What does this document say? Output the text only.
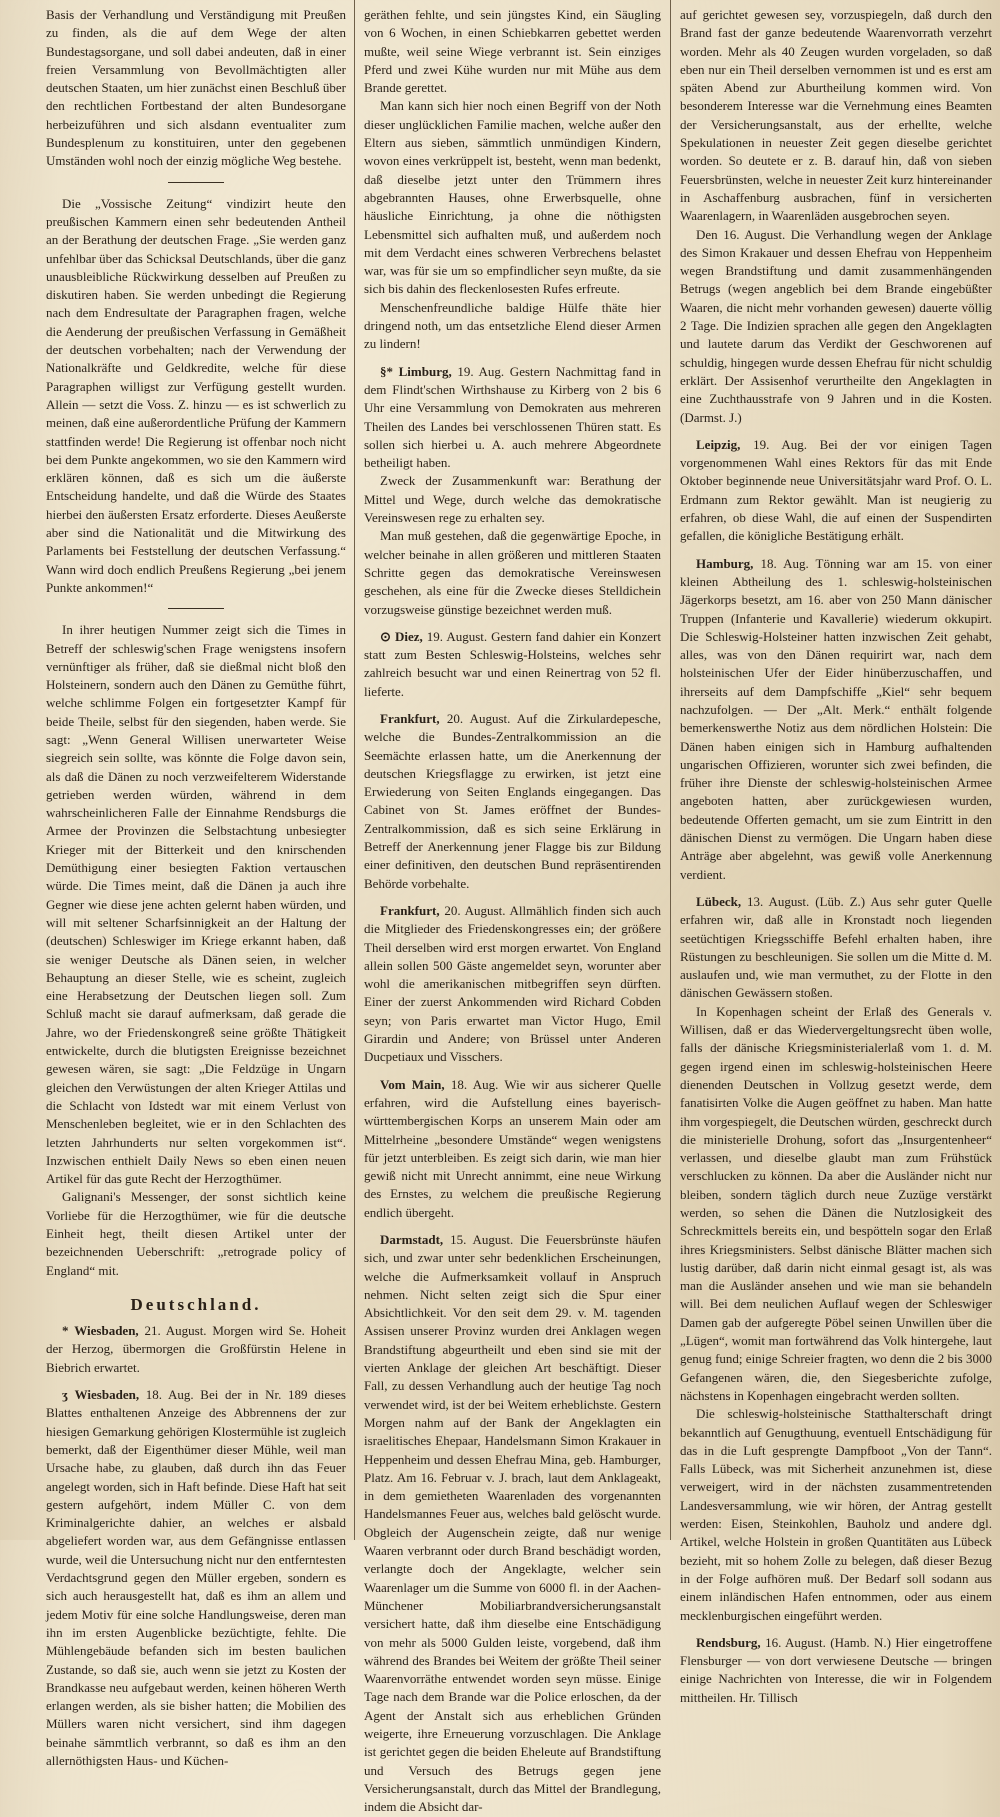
Basis der Verhandlung und Verständigung mit Preußen zu finden, als die auf dem Wege der alten Bundestagsorgane, und soll dabei andeuten, daß in einer freien Versammlung von Bevollmächtigten aller deutschen Staaten, um hier zunächst einen Beschluß über den rechtlichen Fortbestand der alten Bundesorgane herbeizuführen und sich alsdann eventualiter zum Bundesplenum zu konstituiren, unter den gegebenen Umständen wohl noch der einzig mögliche Weg bestehe.

Die „Vossische Zeitung“ vindizirt heute den preußischen Kammern einen sehr bedeutenden Antheil an der Berathung der deutschen Frage. „Sie werden ganz unfehlbar über das Schicksal Deutschlands, über die ganz unausbleibliche Rückwirkung desselben auf Preußen zu diskutiren haben. Sie werden unbedingt die Regierung nach dem Endresultate der Paragraphen fragen, welche die Aenderung der preußischen Verfassung in Gemäßheit der deutschen vorbehalten; nach der Verwendung der Nationalkräfte und Geldkredite, welche für diese Paragraphen willigst zur Verfügung gestellt wurden. Allein — setzt die Voss. Z. hinzu — es ist schwerlich zu meinen, daß eine außerordentliche Prüfung der Kammern stattfinden werde! Die Regierung ist offenbar noch nicht bei dem Punkte angekommen, wo sie den Kammern wird erklären können, daß es sich um die äußerste Entscheidung handelte, und daß die Würde des Staates hierbei den äußersten Ersatz erforderte. Dieses Aeußerste aber sind die Nationalität und die Mitwirkung des Parlaments bei Feststellung der deutschen Verfassung.“ Wann wird doch endlich Preußens Regierung „bei jenem Punkte ankommen!“

In ihrer heutigen Nummer zeigt sich die Times in Betreff der schleswig'schen Frage wenigstens insofern vernünftiger als früher, daß sie dießmal nicht bloß den Holsteinern, sondern auch den Dänen zu Gemüthe führt, welche schlimme Folgen ein fortgesetzter Kampf für beide Theile, selbst für den siegenden, haben werde. Sie sagt: „Wenn General Willisen unerwarteter Weise siegreich sein sollte, was könnte die Folge davon sein, als daß die Dänen zu noch verzweifelterem Widerstande getrieben werden würden, während in dem wahrscheinlicheren Falle der Einnahme Rendsburgs die Armee der Provinzen die Selbstachtung unbesiegter Krieger mit der Bitterkeit und den knirschenden Demüthigung einer besiegten Faktion vertauschen würde. Die Times meint, daß die Dänen ja auch ihre Gegner wie diese jene achten gelernt haben würden, und will mit seltener Scharfsinnigkeit an der Haltung der (deutschen) Schleswiger im Kriege erkannt haben, daß sie weniger Deutsche als Dänen seien, in welcher Behauptung an dieser Stelle, wie es scheint, zugleich eine Herabsetzung der Deutschen liegen soll. Zum Schluß macht sie darauf aufmerksam, daß gerade die Jahre, wo der Friedenskongreß seine größte Thätigkeit entwickelte, durch die blutigsten Ereignisse bezeichnet gewesen wären, sie sagt: „Die Feldzüge in Ungarn gleichen den Verwüstungen der alten Krieger Attilas und die Schlacht von Idstedt war mit einem Verlust von Menschenleben begleitet, wie er in den Schlachten des letzten Jahrhunderts nur selten vorgekommen ist“. Inzwischen enthielt Daily News so eben einen neuen Artikel für das gute Recht der Herzogthümer.

Galignani's Messenger, der sonst sichtlich keine Vorliebe für die Herzogthümer, wie für die deutsche Einheit hegt, theilt diesen Artikel unter der bezeichnenden Ueberschrift: „retrograde policy of England“ mit.

Deutschland.

* Wiesbaden, 21. August. Morgen wird Se. Hoheit der Herzog, übermorgen die Großfürstin Helene in Biebrich erwartet.

ʒ Wiesbaden, 18. Aug. Bei der in Nr. 189 dieses Blattes enthaltenen Anzeige des Abbrennens der zur hiesigen Gemarkung gehörigen Klostermühle ist zugleich bemerkt, daß der Eigenthümer dieser Mühle, weil man Ursache habe, zu glauben, daß durch ihn das Feuer angelegt worden, sich in Haft befinde. Diese Haft hat seit gestern aufgehört, indem Müller C. von dem Kriminalgerichte dahier, an welches er alsbald abgeliefert worden war, aus dem Gefängnisse entlassen wurde, weil die Untersuchung nicht nur den entferntesten Verdachtsgrund gegen den Müller ergeben, sondern es sich auch herausgestellt hat, daß es ihm an allem und jedem Motiv für eine solche Handlungsweise, deren man ihn im ersten Augenblicke bezüchtigte, fehlte. Die Mühlengebäude befanden sich im besten baulichen Zustande, so daß sie, auch wenn sie jetzt zu Kosten der Brandkasse neu aufgebaut werden, keinen höheren Werth erlangen werden, als sie bisher hatten; die Mobilien des Müllers waren nicht versichert, sind ihm dagegen beinahe sämmtlich verbrannt, so daß es ihm an den allernöthigsten Haus- und Küchen-

geräthen fehlte, und sein jüngstes Kind, ein Säugling von 6 Wochen, in einen Schiebkarren gebettet werden mußte, weil seine Wiege verbrannt ist. Sein einziges Pferd und zwei Kühe wurden nur mit Mühe aus dem Brande gerettet.

Man kann sich hier noch einen Begriff von der Noth dieser unglücklichen Familie machen, welche außer den Eltern aus sieben, sämmtlich unmündigen Kindern, wovon eines verkrüppelt ist, besteht, wenn man bedenkt, daß dieselbe jetzt unter den Trümmern ihres abgebrannten Hauses, ohne Erwerbsquelle, ohne häusliche Einrichtung, ja ohne die nöthigsten Lebensmittel sich aufhalten muß, und außerdem noch mit dem Verdacht eines schweren Verbrechens belastet war, was für sie um so empfindlicher seyn mußte, da sie sich bis dahin des fleckenlosesten Rufes erfreute.

Menschenfreundliche baldige Hülfe thäte hier dringend noth, um das entsetzliche Elend dieser Armen zu lindern!

§* Limburg, 19. Aug. Gestern Nachmittag fand in dem Flindt'schen Wirthshause zu Kirberg von 2 bis 6 Uhr eine Versammlung von Demokraten aus mehreren Theilen des Landes bei verschlossenen Thüren statt. Es sollen sich hierbei u. A. auch mehrere Abgeordnete betheiligt haben.

Zweck der Zusammenkunft war: Berathung der Mittel und Wege, durch welche das demokratische Vereinswesen rege zu erhalten sey.

Man muß gestehen, daß die gegenwärtige Epoche, in welcher beinahe in allen größeren und mittleren Staaten Schritte gegen das demokratische Vereinswesen geschehen, als eine für die Zwecke dieses Stelldichein vorzugsweise günstige bezeichnet werden muß.

⊙ Diez, 19. August. Gestern fand dahier ein Konzert statt zum Besten Schleswig-Holsteins, welches sehr zahlreich besucht war und einen Reinertrag von 52 fl. lieferte.

Frankfurt, 20. August. Auf die Zirkulardepesche, welche die Bundes-Zentralkommission an die Seemächte erlassen hatte, um die Anerkennung der deutschen Kriegsflagge zu erwirken, ist jetzt eine Erwiederung von Seiten Englands eingegangen. Das Cabinet von St. James eröffnet der Bundes-Zentralkommission, daß es sich seine Erklärung in Betreff der Anerkennung jener Flagge bis zur Bildung einer definitiven, den deutschen Bund repräsentirenden Behörde vorbehalte.

Frankfurt, 20. August. Allmählich finden sich auch die Mitglieder des Friedenskongresses ein; der größere Theil derselben wird erst morgen erwartet. Von England allein sollen 500 Gäste angemeldet seyn, worunter aber wohl die amerikanischen mitbegriffen seyn dürften. Einer der zuerst Ankommenden wird Richard Cobden seyn; von Paris erwartet man Victor Hugo, Emil Girardin und Andere; von Brüssel unter Anderen Ducpetiaux und Visschers.

Vom Main, 18. Aug. Wie wir aus sicherer Quelle erfahren, wird die Aufstellung eines bayerisch-württembergischen Korps an unserem Main oder am Mittelrheine „besondere Umstände“ wegen wenigstens für jetzt unterbleiben. Es zeigt sich darin, wie man hier gewiß nicht mit Unrecht annimmt, eine neue Wirkung des Ernstes, zu welchem die preußische Regierung endlich übergeht.

Darmstadt, 15. August. Die Feuersbrünste häufen sich, und zwar unter sehr bedenklichen Erscheinungen, welche die Aufmerksamkeit vollauf in Anspruch nehmen. Nicht selten zeigt sich die Spur einer Absichtlichkeit. Vor den seit dem 29. v. M. tagenden Assisen unserer Provinz wurden drei Anklagen wegen Brandstiftung abgeurtheilt und eben sind sie mit der vierten Anklage der gleichen Art beschäftigt. Dieser Fall, zu dessen Verhandlung auch der heutige Tag noch verwendet wird, ist der bei Weitem erheblichste. Gestern Morgen nahm auf der Bank der Angeklagten ein israelitisches Ehepaar, Handelsmann Simon Krakauer in Heppenheim und dessen Ehefrau Mina, geb. Hamburger, Platz. Am 16. Februar v. J. brach, laut dem Anklageakt, in dem gemietheten Waarenladen des vorgenannten Handelsmannes Feuer aus, welches bald gelöscht wurde. Obgleich der Augenschein zeigte, daß nur wenige Waaren verbrannt oder durch Brand beschädigt worden, verlangte doch der Angeklagte, welcher sein Waarenlager um die Summe von 6000 fl. in der Aachen-Münchener Mobiliarbrandversicherungsanstalt versichert hatte, daß ihm dieselbe eine Entschädigung von mehr als 5000 Gulden leiste, vorgebend, daß ihm während des Brandes bei Weitem der größte Theil seiner Waarenvorräthe entwendet worden seyn müsse. Einige Tage nach dem Brande war die Police erloschen, da der Agent der Anstalt sich aus erheblichen Gründen weigerte, ihre Erneuerung vorzuschlagen. Die Anklage ist gerichtet gegen die beiden Eheleute auf Brandstiftung und Versuch des Betrugs gegen jene Versicherungsanstalt, durch das Mittel der Brandlegung, indem die Absicht dar-

auf gerichtet gewesen sey, vorzuspiegeln, daß durch den Brand fast der ganze bedeutende Waarenvorrath verzehrt worden. Mehr als 40 Zeugen wurden vorgeladen, so daß eben nur ein Theil derselben vernommen ist und es erst am späten Abend zur Aburtheilung kommen wird. Von besonderem Interesse war die Vernehmung eines Beamten der Versicherungsanstalt, aus der erhellte, welche Spekulationen in neuester Zeit gegen dieselbe gerichtet worden. So deutete er z. B. darauf hin, daß von sieben Feuersbrünsten, welche in neuester Zeit kurz hintereinander in Aschaffenburg ausbrachen, fünf in versicherten Waarenlagern, in Waarenläden ausgebrochen seyen.

Den 16. August. Die Verhandlung wegen der Anklage des Simon Krakauer und dessen Ehefrau von Heppenheim wegen Brandstiftung und damit zusammenhängenden Betrugs (wegen angeblich bei dem Brande eingebüßter Waaren, die nicht mehr vorhanden gewesen) dauerte völlig 2 Tage. Die Indizien sprachen alle gegen den Angeklagten und lautete darum das Verdikt der Geschworenen auf schuldig, hingegen wurde dessen Ehefrau für nicht schuldig erklärt. Der Assisenhof verurtheilte den Angeklagten in eine Zuchthausstrafe von 9 Jahren und in die Kosten. (Darmst. J.)

Leipzig, 19. Aug. Bei der vor einigen Tagen vorgenommenen Wahl eines Rektors für das mit Ende Oktober beginnende neue Universitätsjahr ward Prof. O. L. Erdmann zum Rektor gewählt. Man ist neugierig zu erfahren, ob diese Wahl, die auf einen der Suspendirten gefallen, die königliche Bestätigung erhält.

Hamburg, 18. Aug. Tönning war am 15. von einer kleinen Abtheilung des 1. schleswig-holsteinischen Jägerkorps besetzt, am 16. aber von 250 Mann dänischer Truppen (Infanterie und Kavallerie) wiederum okkupirt. Die Schleswig-Holsteiner hatten inzwischen Zeit gehabt, alles, was von den Dänen requirirt war, nach dem holsteinischen Ufer der Eider hinüberzuschaffen, und ihrerseits auf dem Dampfschiffe „Kiel“ sehr bequem nachzufolgen. — Der „Alt. Merk.“ enthält folgende bemerkenswerthe Notiz aus dem nördlichen Holstein: Die Dänen haben einigen sich in Hamburg aufhaltenden ungarischen Offizieren, worunter sich zwei befinden, die früher ihre Dienste der schleswig-holsteinischen Armee angeboten hatten, aber zurückgewiesen wurden, bedeutende Offerten gemacht, um sie zum Eintritt in den dänischen Dienst zu vermögen. Die Ungarn haben diese Anträge aber abgelehnt, was gewiß volle Anerkennung verdient.

Lübeck, 13. August. (Lüb. Z.) Aus sehr guter Quelle erfahren wir, daß alle in Kronstadt noch liegenden seetüchtigen Kriegsschiffe Befehl erhalten haben, ihre Rüstungen zu beschleunigen. Sie sollen um die Mitte d. M. auslaufen und, wie man vermuthet, zu der Flotte in den dänischen Gewässern stoßen.

In Kopenhagen scheint der Erlaß des Generals v. Willisen, daß er das Wiedervergeltungsrecht üben wolle, falls der dänische Kriegsministerialerlaß vom 1. d. M. gegen irgend einen im schleswig-holsteinischen Heere dienenden Deutschen in Vollzug gesetzt werde, dem fanatisirten Volke die Augen geöffnet zu haben. Man hatte ihm vorgespiegelt, die Deutschen würden, geschreckt durch die ministerielle Drohung, sofort das „Insurgentenheer“ verlassen, und dieselbe glaubt man zum Frühstück verschlucken zu können. Da aber die Ausländer nicht nur bleiben, sondern täglich durch neue Zuzüge verstärkt werden, so sehen die Dänen die Nutzlosigkeit des Schreckmittels bereits ein, und bespötteln sogar den Erlaß ihres Kriegsministers. Selbst dänische Blätter machen sich lustig darüber, daß darin nicht einmal gesagt ist, als was man die Ausländer ansehen und wie man sie behandeln will. Bei dem neulichen Auflauf wegen der Schleswiger Damen gab der aufgeregte Pöbel seinen Unwillen über die „Lügen“, womit man fortwährend das Volk hintergehe, laut genug fund; einige Schreier fragten, wo denn die 2 bis 3000 Gefangenen wären, die, den Siegesberichte zufolge, nächstens in Kopenhagen eingebracht werden sollten.

Die schleswig-holsteinische Statthalterschaft dringt bekanntlich auf Genugthuung, eventuell Entschädigung für das in die Luft gesprengte Dampfboot „Von der Tann“. Falls Lübeck, was mit Sicherheit anzunehmen ist, diese verweigert, wird in der nächsten zusammentretenden Landesversammlung, wie wir hören, der Antrag gestellt werden: Eisen, Steinkohlen, Bauholz und andere dgl. Artikel, welche Holstein in großen Quantitäten aus Lübeck bezieht, mit so hohem Zolle zu belegen, daß dieser Bezug in der Folge aufhören muß. Der Bedarf soll sodann aus einem inländischen Hafen entnommen, oder aus einem mecklenburgischen eingeführt werden.

Rendsburg, 16. August. (Hamb. N.) Hier eingetroffene Flensburger — von dort verwiesene Deutsche — bringen einige Nachrichten von Interesse, die wir in Folgendem mittheilen. Hr. Tillisch
